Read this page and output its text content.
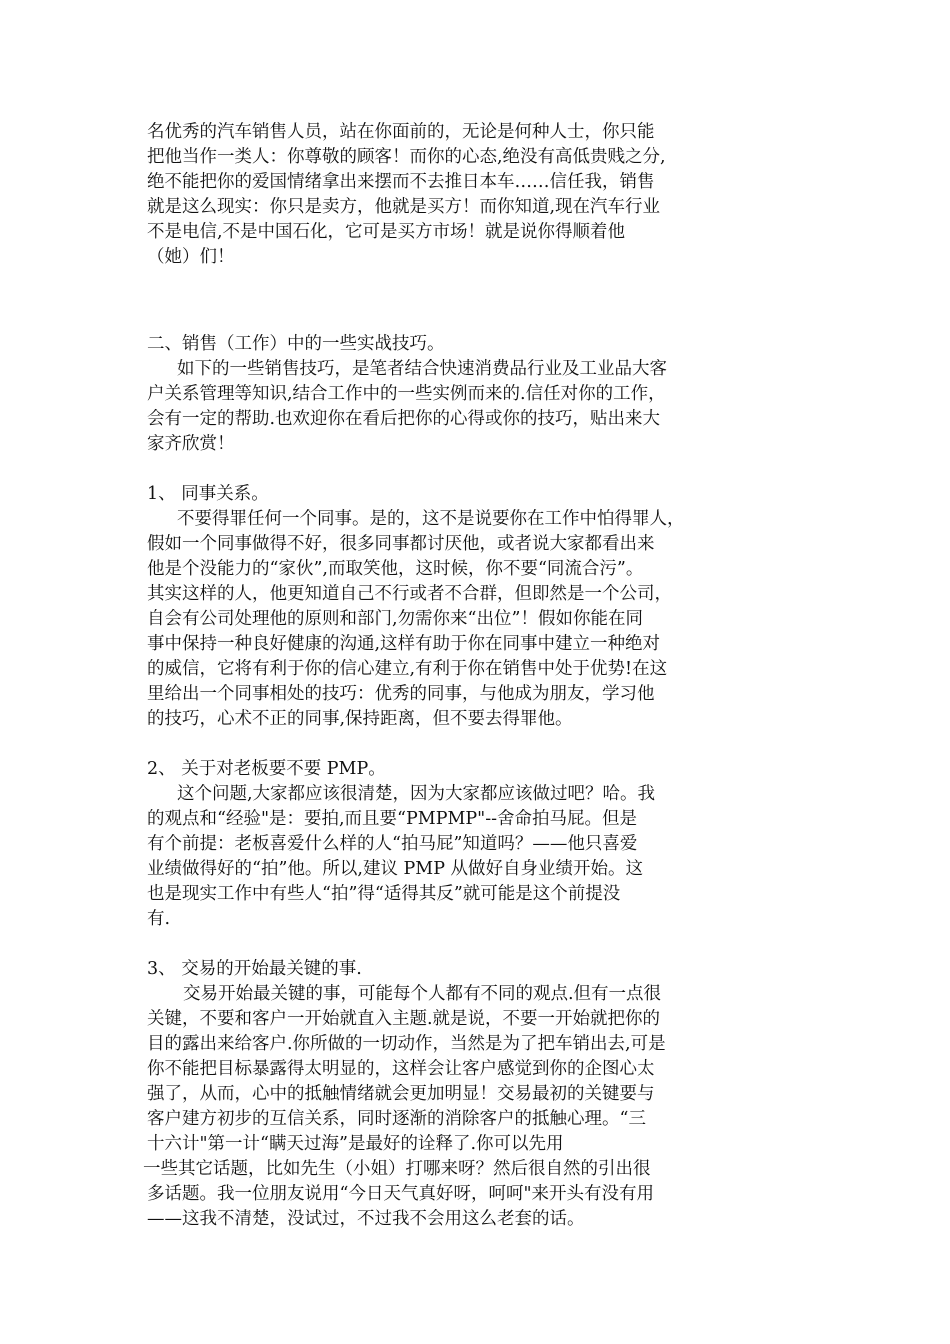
名优秀的汽车销售人员，站在你面前的，无论是何种人士，你只能
把他当作一类人：你尊敬的顾客！而你的心态,绝没有高低贵贱之分,
绝不能把你的爱国情绪拿出来摆而不去推日本车……信任我，销售
就是这么现实：你只是卖方，他就是买方！而你知道,现在汽车行业
不是电信,不是中国石化，它可是买方市场！就是说你得顺着他
（她）们！

二、销售（工作）中的一些实战技巧。
如下的一些销售技巧，是笔者结合快速消费品行业及工业品大客
户关系管理等知识,结合工作中的一些实例而来的.信任对你的工作，
会有一定的帮助.也欢迎你在看后把你的心得或你的技巧，贴出来大
家齐欣赏！

1、 同事关系。
不要得罪任何一个同事。是的，这不是说要你在工作中怕得罪人，
假如一个同事做得不好，很多同事都讨厌他，或者说大家都看出来
他是个没能力的“家伙”,而取笑他，这时候，你不要“同流合污”。
其实这样的人，他更知道自己不行或者不合群，但即然是一个公司，
自会有公司处理他的原则和部门,勿需你来“出位”！假如你能在同
事中保持一种良好健康的沟通,这样有助于你在同事中建立一种绝对
的威信，它将有利于你的信心建立,有利于你在销售中处于优势!在这
里给出一个同事相处的技巧：优秀的同事，与他成为朋友，学习他
的技巧，心术不正的同事,保持距离，但不要去得罪他。

2、 关于对老板要不要 PMP。
这个问题,大家都应该很清楚，因为大家都应该做过吧？哈。我
的观点和“经验"是：要拍,而且要“PMPMP"--舍命拍马屁。但是
有个前提：老板喜爱什么样的人“拍马屁”知道吗？——他只喜爱
业绩做得好的“拍”他。所以,建议 PMP 从做好自身业绩开始。这
也是现实工作中有些人“拍”得“适得其反”就可能是这个前提没
有.

3、 交易的开始最关键的事.
交易开始最关键的事，可能每个人都有不同的观点.但有一点很
关键，不要和客户一开始就直入主题.就是说，不要一开始就把你的
目的露出来给客户.你所做的一切动作，当然是为了把车销出去,可是
你不能把目标暴露得太明显的，这样会让客户感觉到你的企图心太
强了，从而，心中的抵触情绪就会更加明显！交易最初的关键要与
客户建方初步的互信关系，同时逐渐的消除客户的抵触心理。“三
十六计"第一计“瞒天过海”是最好的诠释了.你可以先用
一些其它话题，比如先生（小姐）打哪来呀？然后很自然的引出很
多话题。我一位朋友说用“今日天气真好呀，呵呵"来开头有没有用
——这我不清楚，没试过，不过我不会用这么老套的话。
